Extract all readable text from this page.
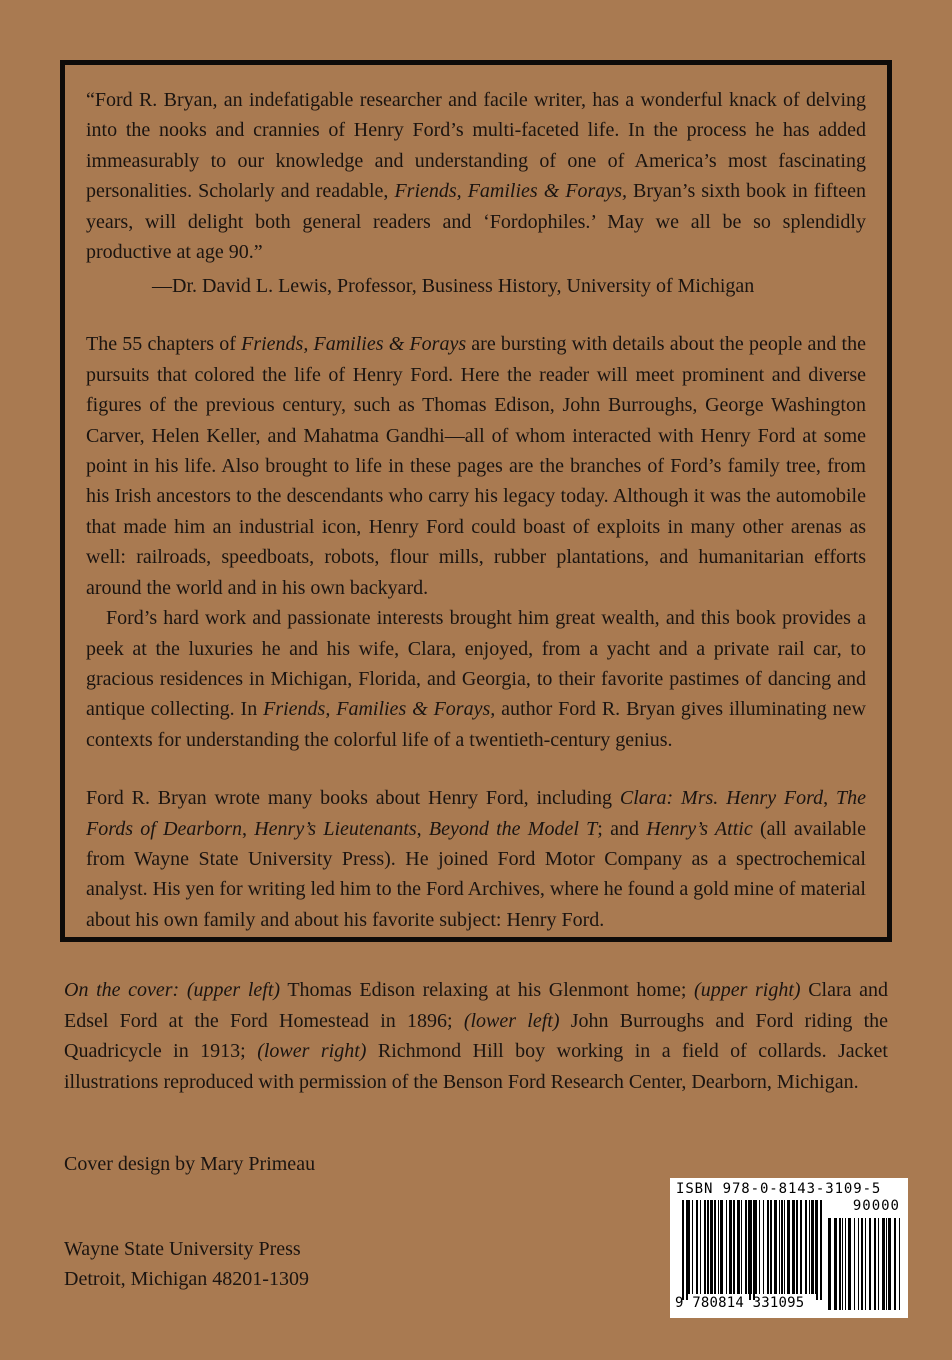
“Ford R. Bryan, an indefatigable researcher and facile writer, has a wonderful knack of delving into the nooks and crannies of Henry Ford’s multi-faceted life. In the process he has added immeasurably to our knowledge and understanding of one of America’s most fascinating personalities. Scholarly and readable, Friends, Families & Forays, Bryan’s sixth book in fifteen years, will delight both general readers and ‘Fordophiles.’ May we all be so splendidly productive at age 90.”

—Dr. David L. Lewis, Professor, Business History, University of Michigan

The 55 chapters of Friends, Families & Forays are bursting with details about the people and the pursuits that colored the life of Henry Ford. Here the reader will meet prominent and diverse figures of the previous century, such as Thomas Edison, John Burroughs, George Washington Carver, Helen Keller, and Mahatma Gandhi—all of whom interacted with Henry Ford at some point in his life. Also brought to life in these pages are the branches of Ford’s family tree, from his Irish ancestors to the descendants who carry his legacy today. Although it was the automobile that made him an industrial icon, Henry Ford could boast of exploits in many other arenas as well: railroads, speedboats, robots, flour mills, rubber plantations, and humanitarian efforts around the world and in his own backyard.

Ford’s hard work and passionate interests brought him great wealth, and this book provides a peek at the luxuries he and his wife, Clara, enjoyed, from a yacht and a private rail car, to gracious residences in Michigan, Florida, and Georgia, to their favorite pastimes of dancing and antique collecting. In Friends, Families & Forays, author Ford R. Bryan gives illuminating new contexts for understanding the colorful life of a twentieth-century genius.

Ford R. Bryan wrote many books about Henry Ford, including Clara: Mrs. Henry Ford, The Fords of Dearborn, Henry’s Lieutenants, Beyond the Model T; and Henry’s Attic (all available from Wayne State University Press). He joined Ford Motor Company as a spectrochemical analyst. His yen for writing led him to the Ford Archives, where he found a gold mine of material about his own family and about his favorite subject: Henry Ford.

On the cover: (upper left) Thomas Edison relaxing at his Glenmont home; (upper right) Clara and Edsel Ford at the Ford Homestead in 1896; (lower left) John Burroughs and Ford riding the Quadricycle in 1913; (lower right) Richmond Hill boy working in a field of collards. Jacket illustrations reproduced with permission of the Benson Ford Research Center, Dearborn, Michigan.

Cover design by Mary Primeau
Wayne State University Press
Detroit, Michigan 48201-1309
ISBN 978-0-8143-3109-5
90000
9 780814 331095
